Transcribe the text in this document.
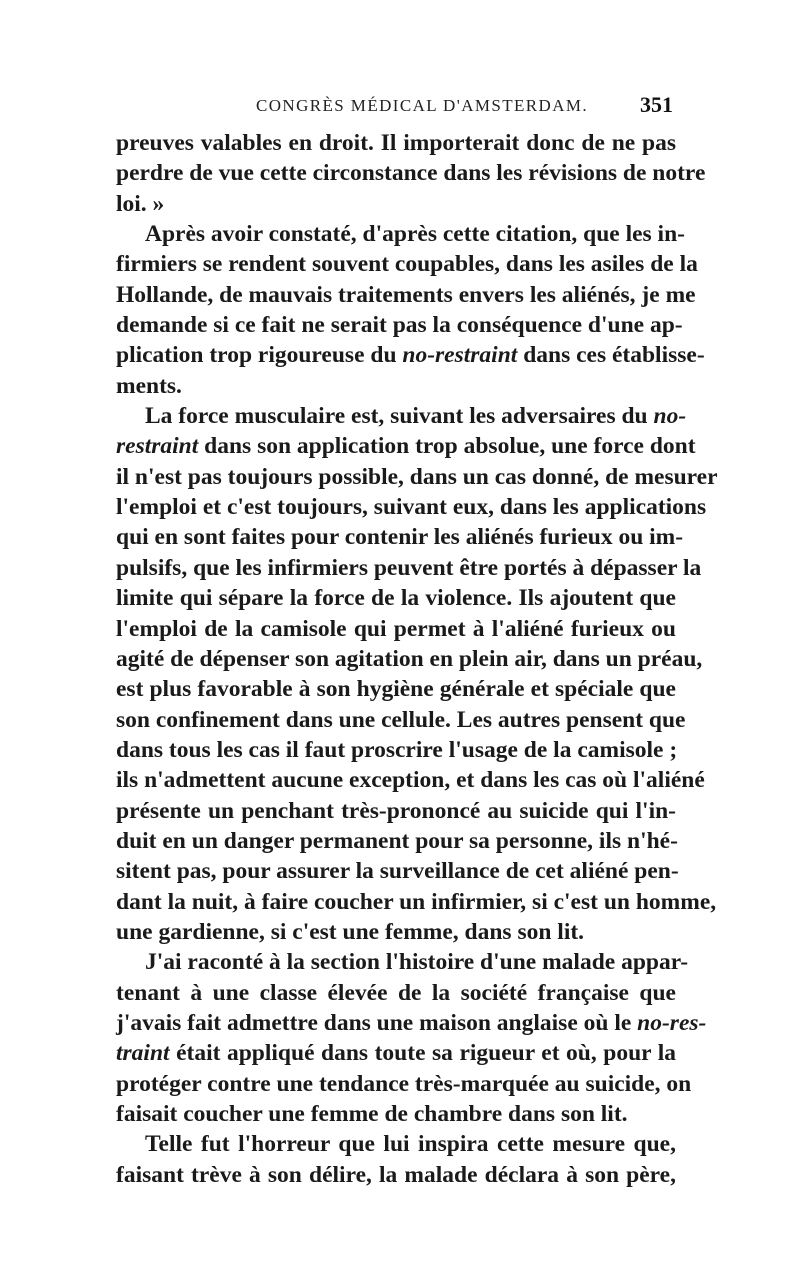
CONGRÈS MÉDICAL D'AMSTERDAM. 351

preuves valables en droit. Il importerait donc de ne pas
perdre de vue cette circonstance dans les révisions de notre
loi. »

Après avoir constaté, d'après cette citation, que les in-
firmiers se rendent souvent coupables, dans les asiles de la
Hollande, de mauvais traitements envers les aliénés, je me
demande si ce fait ne serait pas la conséquence d'une ap-
plication trop rigoureuse du no-restraint dans ces établisse-
ments.

La force musculaire est, suivant les adversaires du no-
restraint dans son application trop absolue, une force dont
il n'est pas toujours possible, dans un cas donné, de mesurer
l'emploi et c'est toujours, suivant eux, dans les applications
qui en sont faites pour contenir les aliénés furieux ou im-
pulsifs, que les infirmiers peuvent être portés à dépasser la
limite qui sépare la force de la violence. Ils ajoutent que
l'emploi de la camisole qui permet à l'aliéné furieux ou
agité de dépenser son agitation en plein air, dans un préau,
est plus favorable à son hygiène générale et spéciale que
son confinement dans une cellule. Les autres pensent que
dans tous les cas il faut proscrire l'usage de la camisole ;
ils n'admettent aucune exception, et dans les cas où l'aliéné
présente un penchant très-prononcé au suicide qui l'in-
duit en un danger permanent pour sa personne, ils n'hé-
sitent pas, pour assurer la surveillance de cet aliéné pen-
dant la nuit, à faire coucher un infirmier, si c'est un homme,
une gardienne, si c'est une femme, dans son lit.

J'ai raconté à la section l'histoire d'une malade appar-
tenant à une classe élevée de la société française que
j'avais fait admettre dans une maison anglaise où le no-res-
traint était appliqué dans toute sa rigueur et où, pour la
protéger contre une tendance très-marquée au suicide, on
faisait coucher une femme de chambre dans son lit.

Telle fut l'horreur que lui inspira cette mesure que,
faisant trève à son délire, la malade déclara à son père,
